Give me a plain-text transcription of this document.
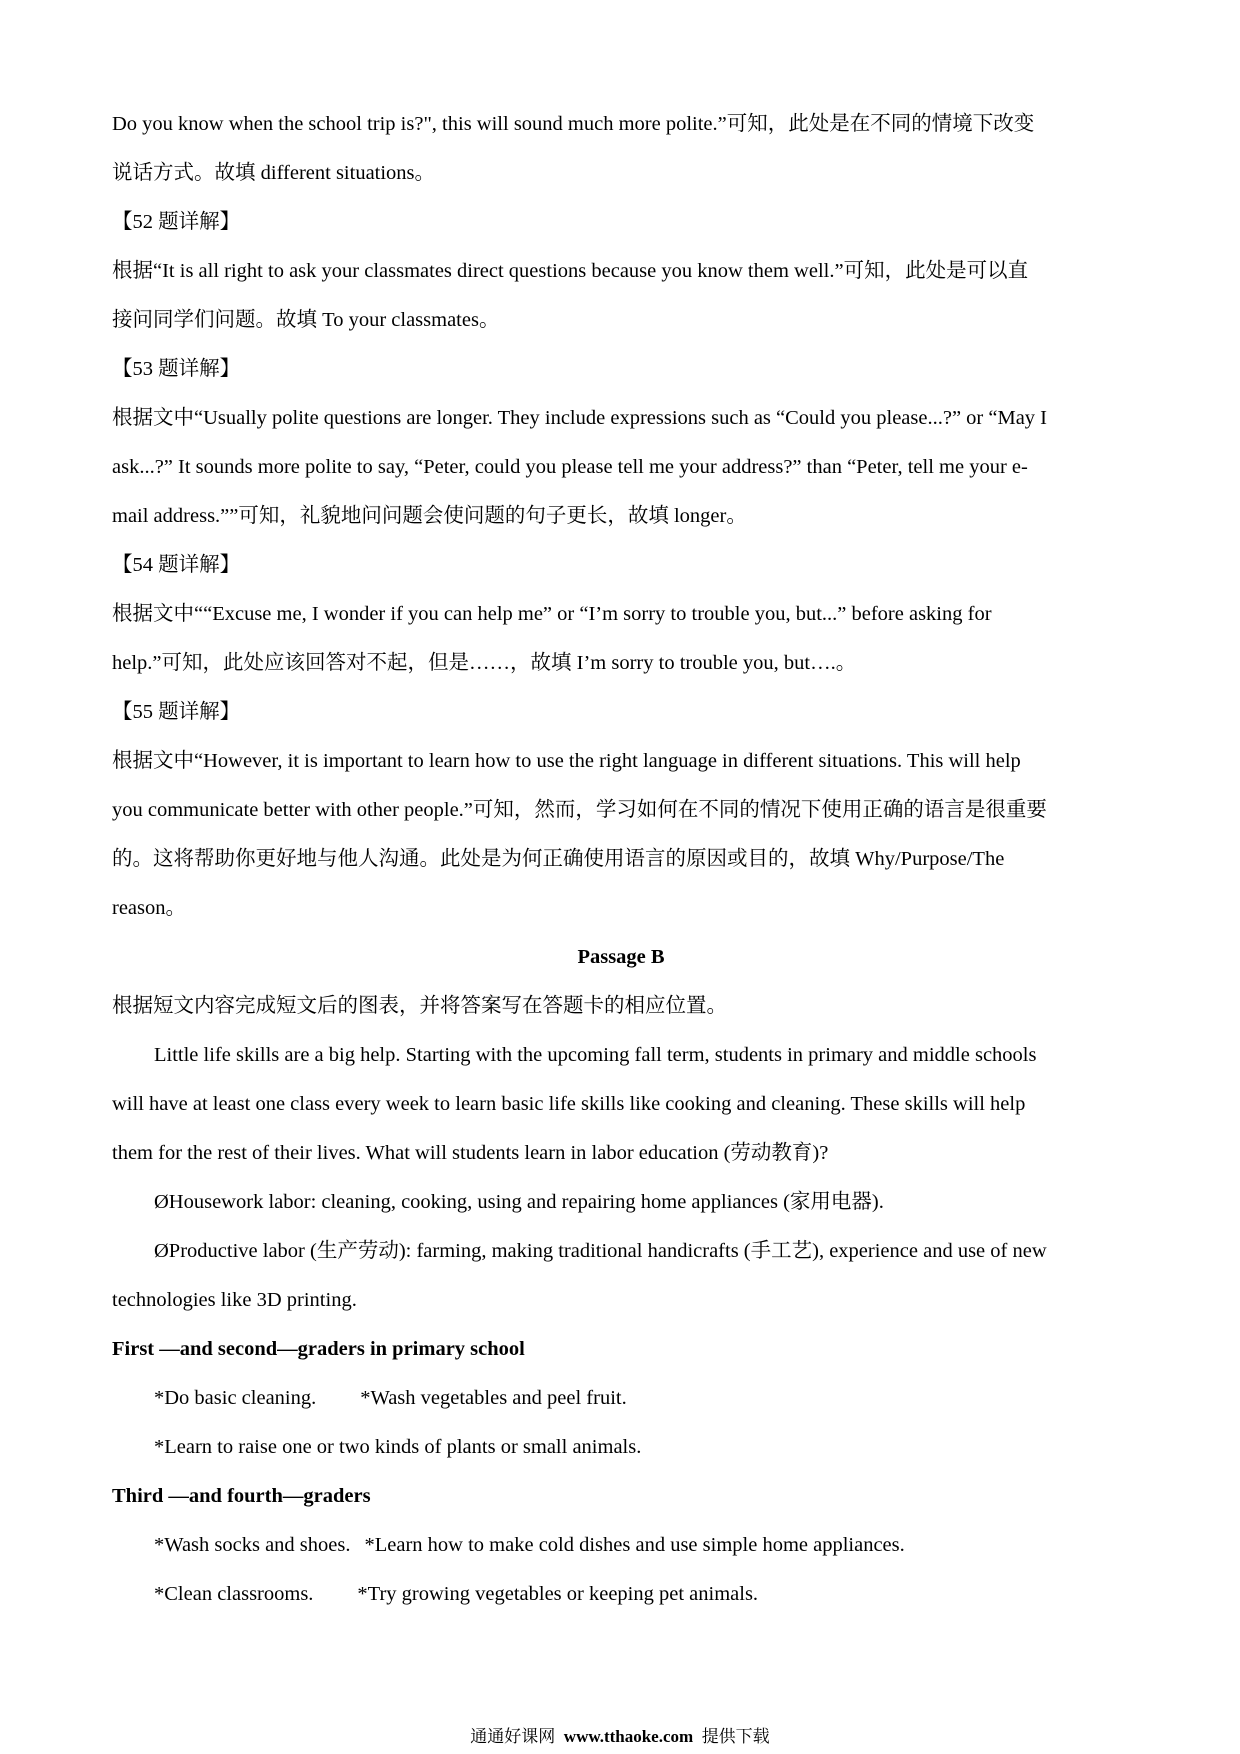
Do you know when the school trip is?", this will sound much more polite.”可知，此处是在不同的情境下改变

说话方式。故填 different situations。

【52 题详解】

根据“It is all right to ask your classmates direct questions because you know them well.”可知，此处是可以直

接问同学们问题。故填 To your classmates。

【53 题详解】

根据文中“Usually polite questions are longer. They include expressions such as “Could you please...?” or “May I

ask...?” It sounds more polite to say, “Peter, could you please tell me your address?” than “Peter, tell me your e-

mail address.””可知，礼貌地问问题会使问题的句子更长，故填 longer。

【54 题详解】

根据文中““Excuse me, I wonder if you can help me” or “I’m sorry to trouble you, but...” before asking for

help.”可知，此处应该回答对不起，但是……，故填 I’m sorry to trouble you, but….。

【55 题详解】

根据文中“However, it is important to learn how to use the right language in different situations. This will help

you communicate better with other people.”可知，然而，学习如何在不同的情况下使用正确的语言是很重要

的。这将帮助你更好地与他人沟通。此处是为何正确使用语言的原因或目的，故填 Why/Purpose/The

reason。

Passage B

根据短文内容完成短文后的图表，并将答案写在答题卡的相应位置。

Little life skills are a big help. Starting with the upcoming fall term, students in primary and middle schools

will have at least one class every week to learn basic life skills like cooking and cleaning. These skills will help

them for the rest of their lives. What will students learn in labor education (劳动教育)?

ØHousework labor: cleaning, cooking, using and repairing home appliances (家用电器).

ØProductive labor (生产劳动): farming, making traditional handicrafts (手工艺), experience and use of new

technologies like 3D printing.

First —and second—graders in primary school

*Do basic cleaning. *Wash vegetables and peel fruit.

*Learn to raise one or two kinds of plants or small animals.

Third —and fourth—graders

*Wash socks and shoes. *Learn how to make cold dishes and use simple home appliances.

*Clean classrooms. *Try growing vegetables or keeping pet animals.

通通好课网 www.tthaoke.com 提供下载
